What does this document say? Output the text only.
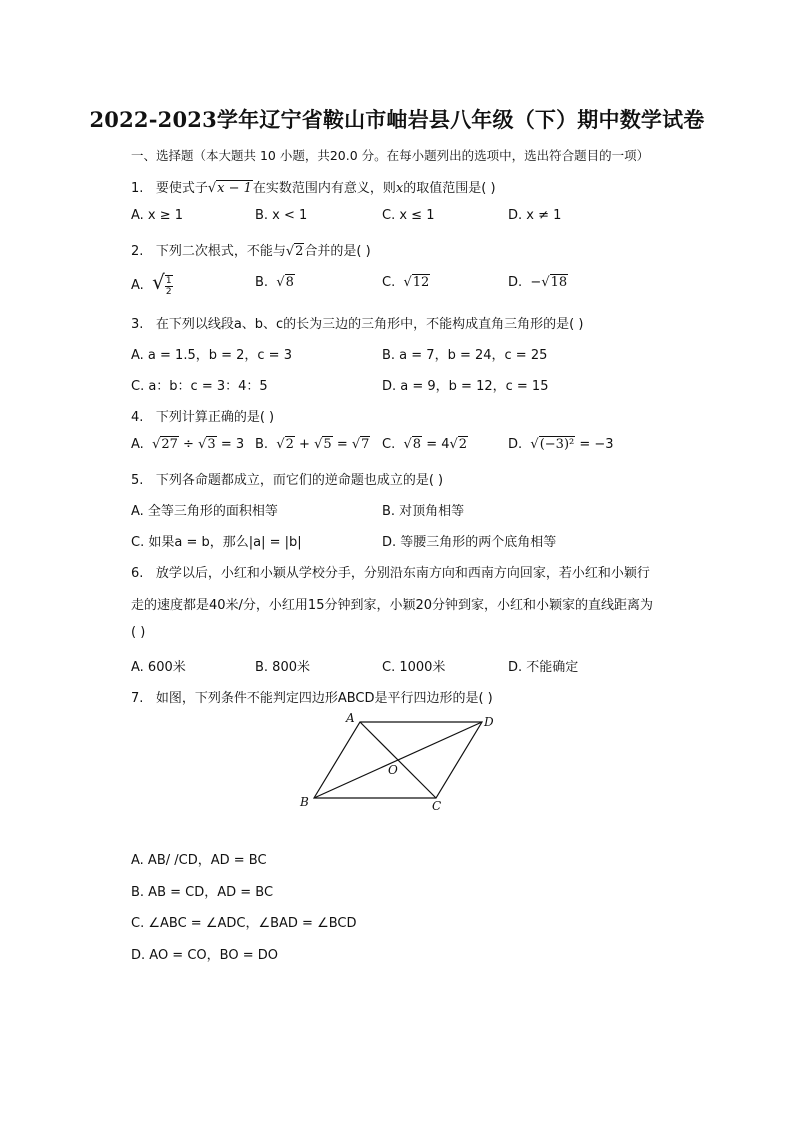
2022-2023学年辽宁省鞍山市岫岩县八年级（下）期中数学试卷
一、选择题（本大题共 10 小题，共20.0 分。在每小题列出的选项中，选出符合题目的一项）
1. 要使式子√x − 1在实数范围内有意义，则x的取值范围是( )
A. x ≥ 1	B. x < 1	C. x ≤ 1	D. x ≠ 1
2. 下列二次根式，不能与√2合并的是( )
A. √ $\frac{1}{2}$	B. √8	C. √12	D. −√18
3. 在下列以线段a、b、c的长为三边的三角形中，不能构成直角三角形的是( )
A. a = 1.5，b = 2，c = 3	B. a = 7，b = 24，c = 25
C. a：b：c = 3：4：5	D. a = 9，b = 12，c = 15
4. 下列计算正确的是( )
A. √27 ÷ √3 = 3 B. √2 + √5 = √7 C. √8 = 4√2	D. √(−3)² = −3
5. 下列各命题都成立，而它们的逆命题也成立的是( )
A. 全等三角形的面积相等	B. 对顶角相等
C. 如果a = b，那么|a| = |b|	D. 等腰三角形的两个底角相等
6. 放学以后，小红和小颖从学校分手，分别沿东南方向和西南方向回家，若小红和小颖行
走的速度都是40米/分，小红用15分钟到家，小颖20分钟到家，小红和小颖家的直线距离为
( )
A. 600米	B. 800米	C. 1000米	D. 不能确定
7. 如图，下列条件不能判定四边形ABCD是平行四边形的是( )
A	D
B	C
O
A. AB/ /CD，AD = BC
B. AB = CD，AD = BC
C. ∠ABC = ∠ADC，∠BAD = ∠BCD
D. AO = CO，BO = DO
